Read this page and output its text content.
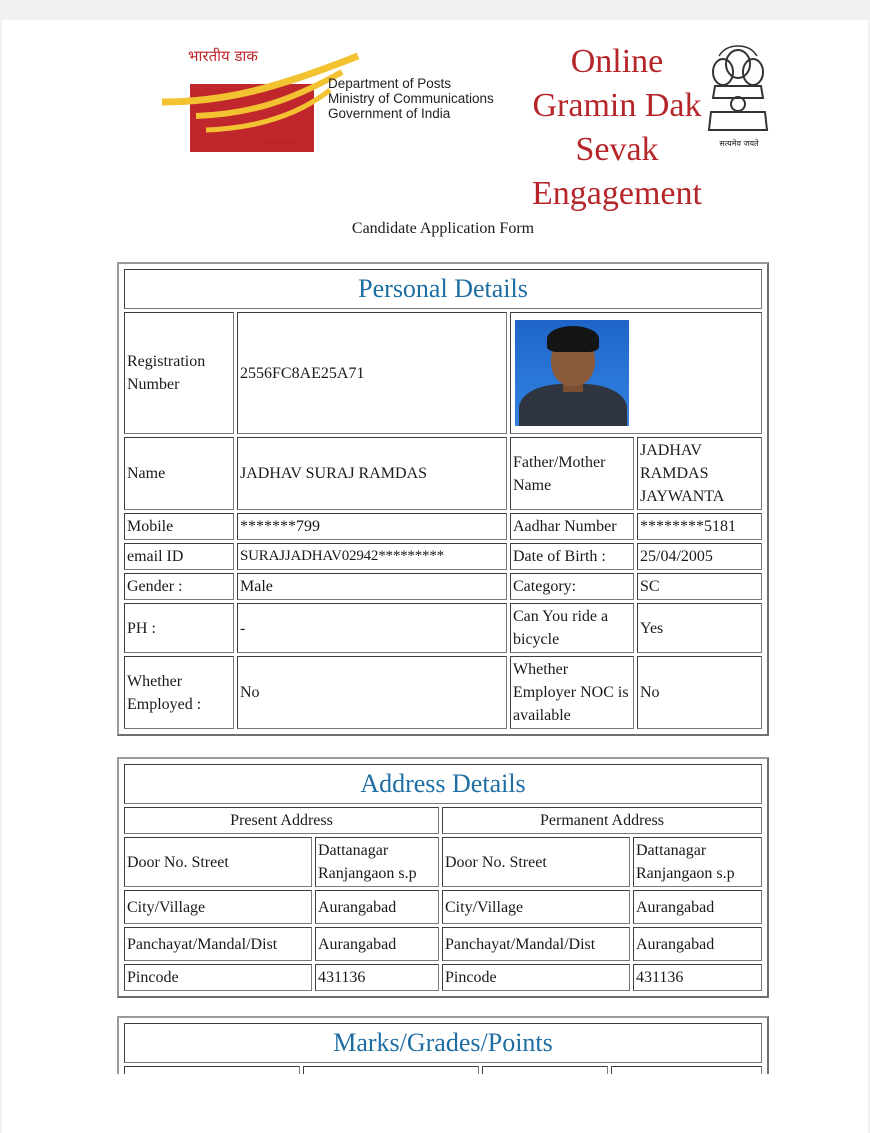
भारतीय डाक
India Post
Department of Posts
Ministry of Communications
Government of India
Online
Gramin Dak
Sevak
Engagement
सत्यमेव जयते
Candidate Application Form
Personal Details			
Registration Number	2556FC8AE25A71		

Name	JADHAV SURAJ RAMDAS	Father/Mother Name	JADHAV RAMDAS JAYWANTA
Mobile	*******799	Aadhar Number	********5181
email ID	SURAJJADHAV02942*********	Date of Birth :	25/04/2005
Gender :	Male	Category:	SC
PH :	-	Can You ride a bicycle	Yes
Whether Employed :	No	Whether Employer NOC is available	No
Address Details			
Present Address		Permanent Address	
Door No. Street	Dattanagar Ranjangaon s.p	Door No. Street	Dattanagar Ranjangaon s.p
City/Village	Aurangabad	City/Village	Aurangabad
Panchayat/Mandal/Dist	Aurangabad	Panchayat/Mandal/Dist	Aurangabad
Pincode	431136	Pincode	431136
Marks/Grades/Points
